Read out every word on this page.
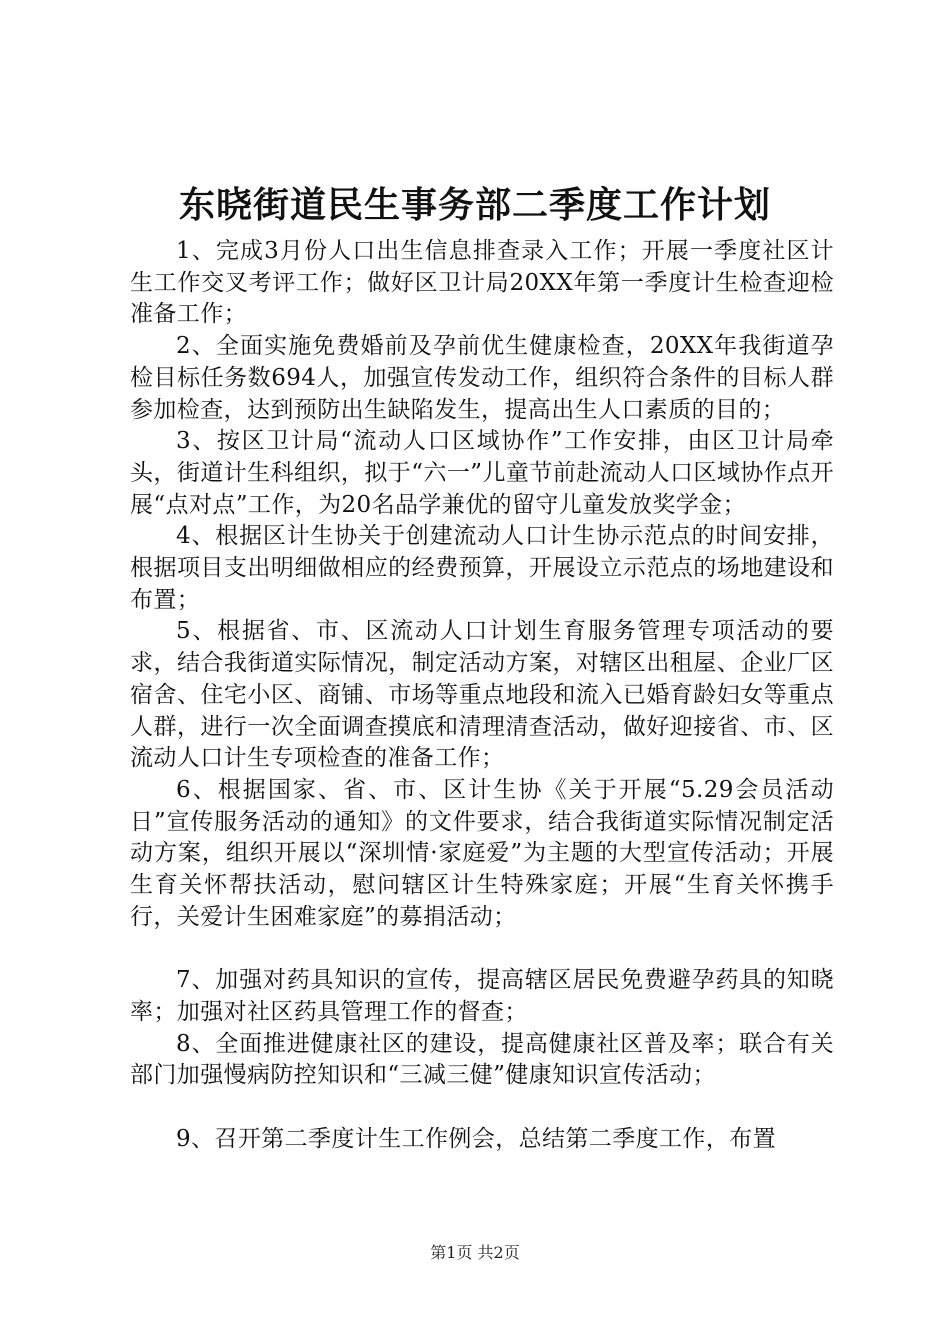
东晓街道民生事务部二季度工作计划

1、完成3月份人口出生信息排查录入工作；开展一季度社区计生工作交叉考评工作；做好区卫计局20XX年第一季度计生检查迎检准备工作；

2、全面实施免费婚前及孕前优生健康检查，20XX年我街道孕检目标任务数694人，加强宣传发动工作，组织符合条件的目标人群参加检查，达到预防出生缺陷发生，提高出生人口素质的目的；

3、按区卫计局“流动人口区域协作”工作安排，由区卫计局牵头，街道计生科组织，拟于“六一”儿童节前赴流动人口区域协作点开展“点对点”工作，为20名品学兼优的留守儿童发放奖学金；

4、根据区计生协关于创建流动人口计生协示范点的时间安排，根据项目支出明细做相应的经费预算，开展设立示范点的场地建设和布置；

5、根据省、市、区流动人口计划生育服务管理专项活动的要求，结合我街道实际情况，制定活动方案，对辖区出租屋、企业厂区宿舍、住宅小区、商铺、市场等重点地段和流入已婚育龄妇女等重点人群，进行一次全面调查摸底和清理清查活动，做好迎接省、市、区流动人口计生专项检查的准备工作；

6、根据国家、省、市、区计生协《关于开展“5.29会员活动日”宣传服务活动的通知》的文件要求，结合我街道实际情况制定活动方案，组织开展以“深圳情·家庭爱”为主题的大型宣传活动；开展生育关怀帮扶活动，慰问辖区计生特殊家庭；开展“生育关怀携手行，关爱计生困难家庭”的募捐活动；

7、加强对药具知识的宣传，提高辖区居民免费避孕药具的知晓率；加强对社区药具管理工作的督查；

8、全面推进健康社区的建设，提高健康社区普及率；联合有关部门加强慢病防控知识和“三减三健”健康知识宣传活动；

9、召开第二季度计生工作例会，总结第二季度工作，布置

第1页 共2页
